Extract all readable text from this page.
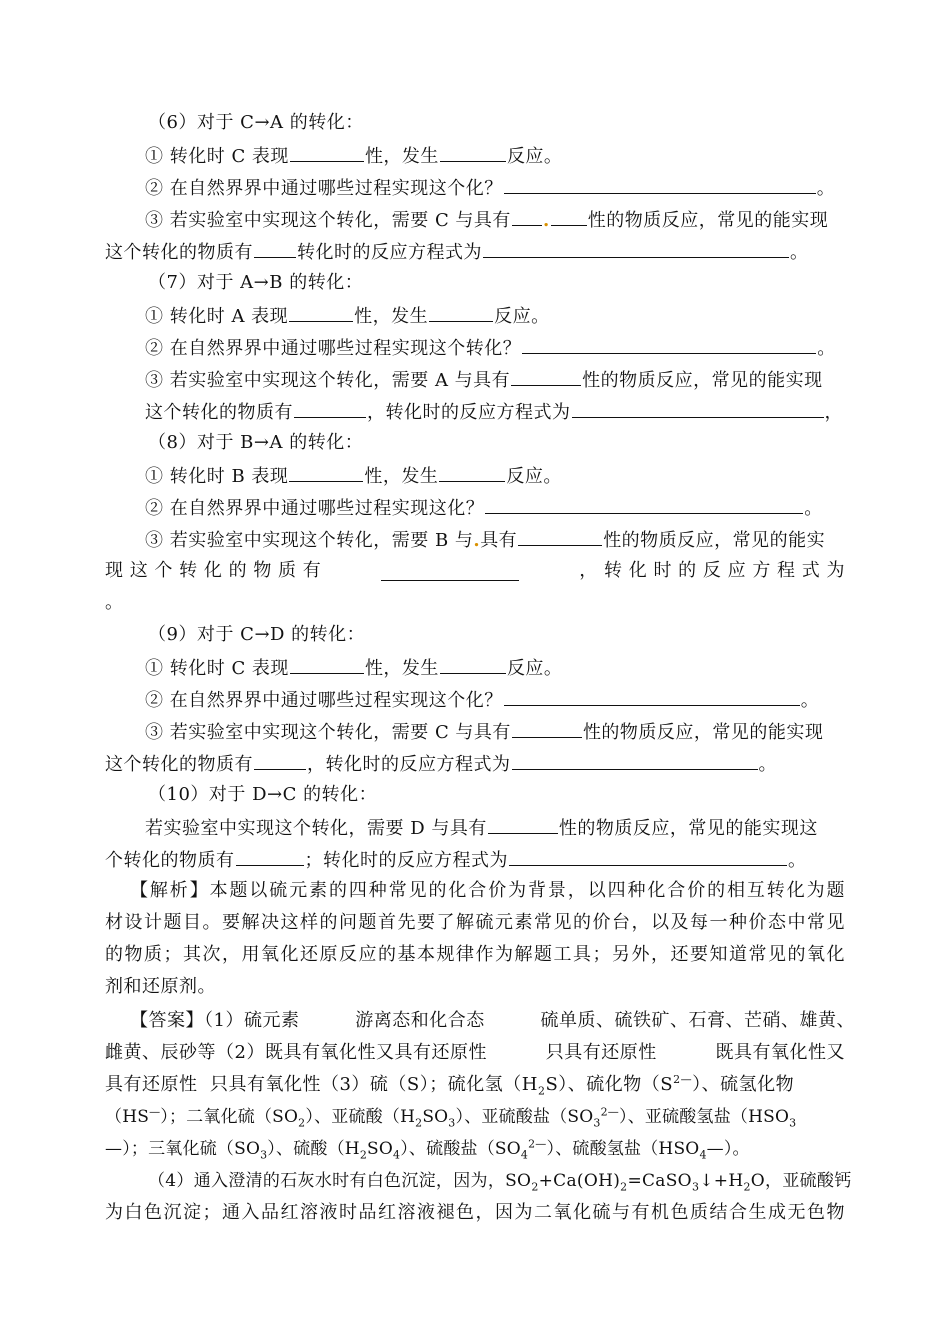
（6）对于 C→A 的转化：
① 转化时 C 表现	性，发生	反应。
② 在自然界界中通过哪些过程实现这个化？	。
③ 若实验室中实现这个转化，需要 C 与具有 . 性的物质反应，常见的能实现
这个转化的物质有 转化时的反应方程式为	。
（7）对于 A→B 的转化：
① 转化时 A 表现	性，发生	反应。
② 在自然界界中通过哪些过程实现这个转化？	。
③ 若实验室中实现这个转化，需要 A 与具有	性的物质反应，常见的能实现
这个转化的物质有	，转化时的反应方程式为	，
（8）对于 B→A 的转化：
① 转化时 B 表现	性，发生	反应。
② 在自然界界中通过哪些过程实现这化？	。
③ 若实验室中实现这个转化，需要 B 与.具有	性的物质反应，常见的能实
现 这 个 转 化 的 物 质 有	， 转 化 时 的 反 应 方 程 式 为
。
（9）对于 C→D 的转化：
① 转化时 C 表现	性，发生	反应。
② 在自然界界中通过哪些过程实现这个化？	。
③ 若实验室中实现这个转化，需要 C 与具有	性的物质反应，常见的能实现
这个转化的物质有	，转化时的反应方程式为	。
（10）对于 D→C 的转化：
若实验室中实现这个转化，需要 D 与具有	性的物质反应，常见的能实现这
个转化的物质有	；转化时的反应方程式为	。
【解析】本题以硫元素的四种常见的化合价为背景，以四种化合价的相互转化为题
材设计题目。要解决这样的问题首先要了解硫元素常见的价台，以及每一种价态中常见
的物质；其次，用氧化还原反应的基本规律作为解题工具；另外，还要知道常见的氧化
剂和还原剂。
【答案】（1）硫元素	游离态和化合态	硫单质、硫铁矿、石膏、芒硝、雄黄、
雌黄、辰砂等（2）既具有氧化性又具有还原性	只具有还原性	既具有氧化性又
具有还原性 只具有氧化性（3）硫（S）；硫化氢$(H_2S)$、硫化物$(S^{2—})$、硫氢化物
（HS—）；二氧化硫$(SO_2)$、亚硫酸$(H_2SO_3)$、亚硫酸盐$(SO_3^{2—})$、亚硫酸氢盐（$HSO_3$
—）；三氧化硫$(SO_3)$、硫酸$(H_2SO_4)$、硫酸盐$(SO_4^{2—})$、硫酸氢盐$(HSO_4—)$。
（4）通入澄清的石灰水时有白色沉淀，因为，$SO_2+Ca(OH)_2=CaSO_3↓+H_2O$，亚硫酸钙
为白色沉淀；通入品红溶液时品红溶液褪色，因为二氧化硫与有机色质结合生成无色物
